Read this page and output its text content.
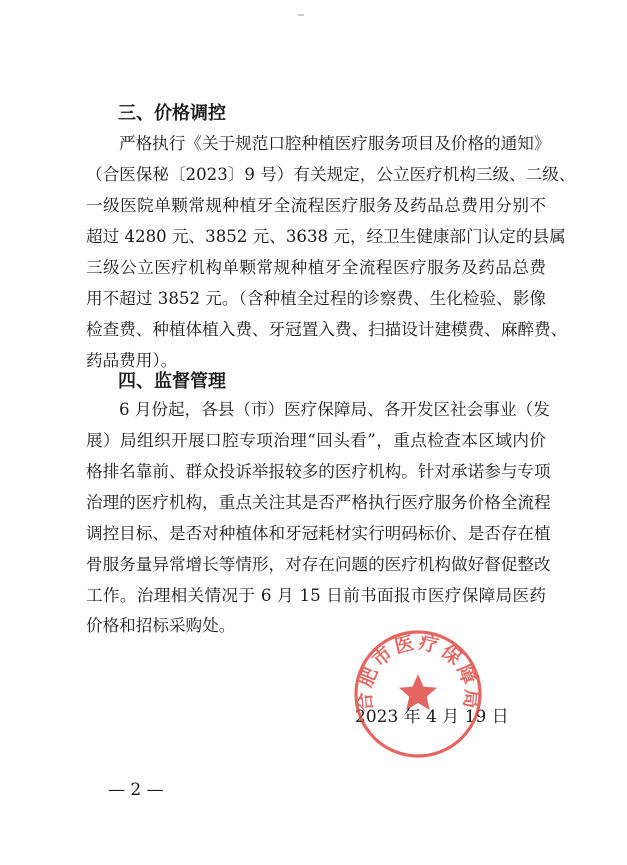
三、价格调控
严格执行《关于规范口腔种植医疗服务项目及价格的通知》
（合医保秘〔2023〕9 号）有关规定，公立医疗机构三级、二级、
一级医院单颗常规种植牙全流程医疗服务及药品总费用分别不
超过 4280 元、3852 元、3638 元，经卫生健康部门认定的县属
三级公立医疗机构单颗常规种植牙全流程医疗服务及药品总费
用不超过 3852 元。（含种植全过程的诊察费、生化检验、影像
检查费、种植体植入费、牙冠置入费、扫描设计建模费、麻醉费、
药品费用）。
四、监督管理
6 月份起，各县（市）医疗保障局、各开发区社会事业（发
展）局组织开展口腔专项治理“回头看”，重点检查本区域内价
格排名靠前、群众投诉举报较多的医疗机构。针对承诺参与专项
治理的医疗机构，重点关注其是否严格执行医疗服务价格全流程
调控目标、是否对种植体和牙冠耗材实行明码标价、是否存在植
骨服务量异常增长等情形，对存在问题的医疗机构做好督促整改
工作。治理相关情况于 6 月 15 日前书面报市医疗保障局医药
价格和招标采购处。
2023 年 4 月 19 日
合肥市医疗保障局
— 2 —
